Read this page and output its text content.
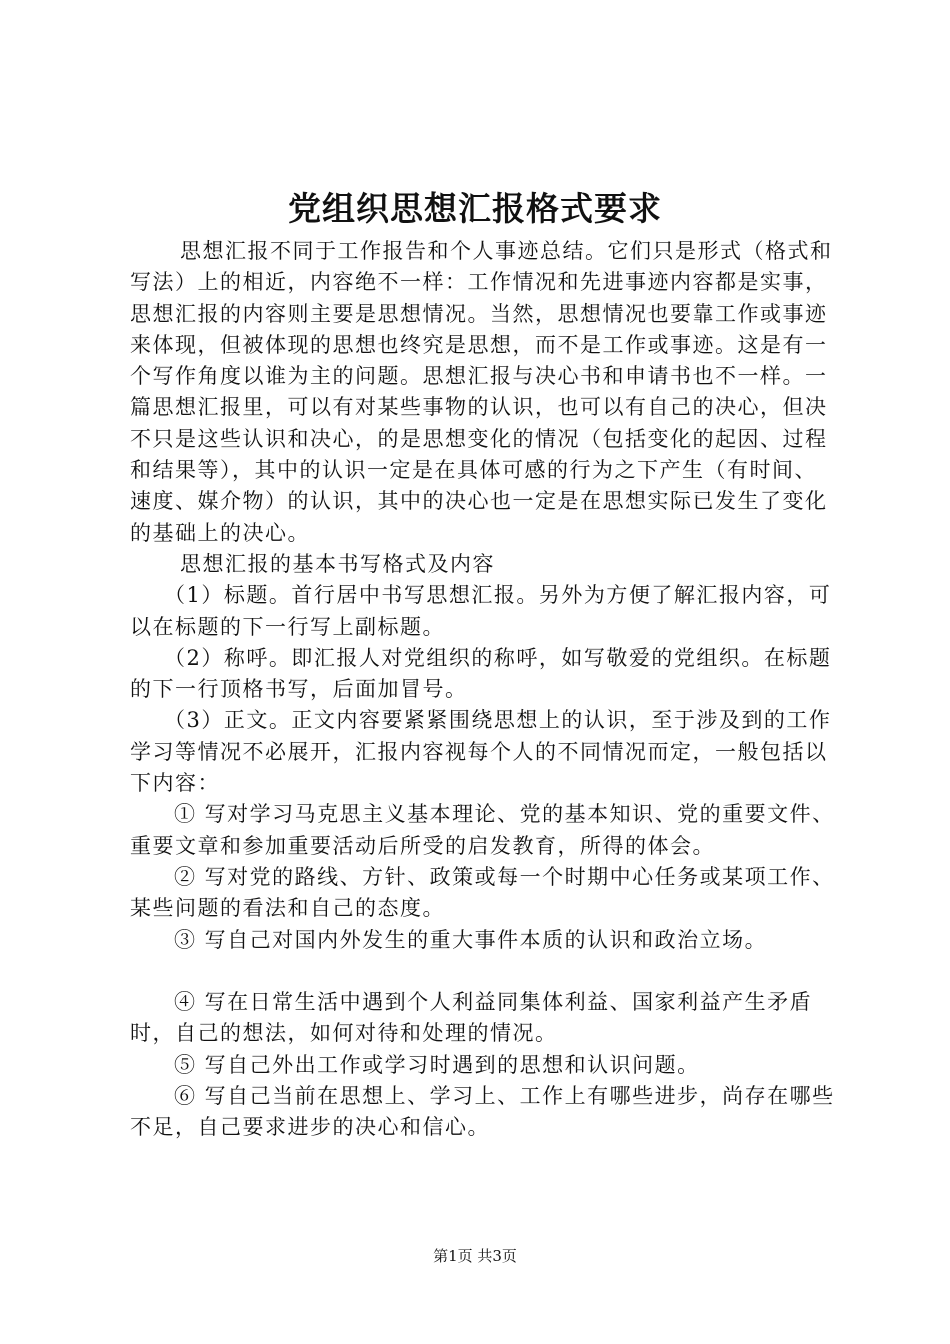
党组织思想汇报格式要求

思想汇报不同于工作报告和个人事迹总结。它们只是形式（格式和写法）上的相近，内容绝不一样：工作情况和先进事迹内容都是实事，思想汇报的内容则主要是思想情况。当然，思想情况也要靠工作或事迹来体现，但被体现的思想也终究是思想，而不是工作或事迹。这是有一个写作角度以谁为主的问题。思想汇报与决心书和申请书也不一样。一篇思想汇报里，可以有对某些事物的认识，也可以有自己的决心，但决不只是这些认识和决心，的是思想变化的情况（包括变化的起因、过程和结果等），其中的认识一定是在具体可感的行为之下产生（有时间、速度、媒介物）的认识，其中的决心也一定是在思想实际已发生了变化的基础上的决心。

思想汇报的基本书写格式及内容

（1）标题。首行居中书写思想汇报。另外为方便了解汇报内容，可以在标题的下一行写上副标题。

（2）称呼。即汇报人对党组织的称呼，如写敬爱的党组织。在标题的下一行顶格书写，后面加冒号。

（3）正文。正文内容要紧紧围绕思想上的认识，至于涉及到的工作学习等情况不必展开，汇报内容视每个人的不同情况而定，一般包括以下内容：

① 写对学习马克思主义基本理论、党的基本知识、党的重要文件、重要文章和参加重要活动后所受的启发教育，所得的体会。

② 写对党的路线、方针、政策或每一个时期中心任务或某项工作、某些问题的看法和自己的态度。

③ 写自己对国内外发生的重大事件本质的认识和政治立场。

④ 写在日常生活中遇到个人利益同集体利益、国家利益产生矛盾时，自己的想法，如何对待和处理的情况。

⑤ 写自己外出工作或学习时遇到的思想和认识问题。

⑥ 写自己当前在思想上、学习上、工作上有哪些进步，尚存在哪些不足，自己要求进步的决心和信心。

第1页 共3页
